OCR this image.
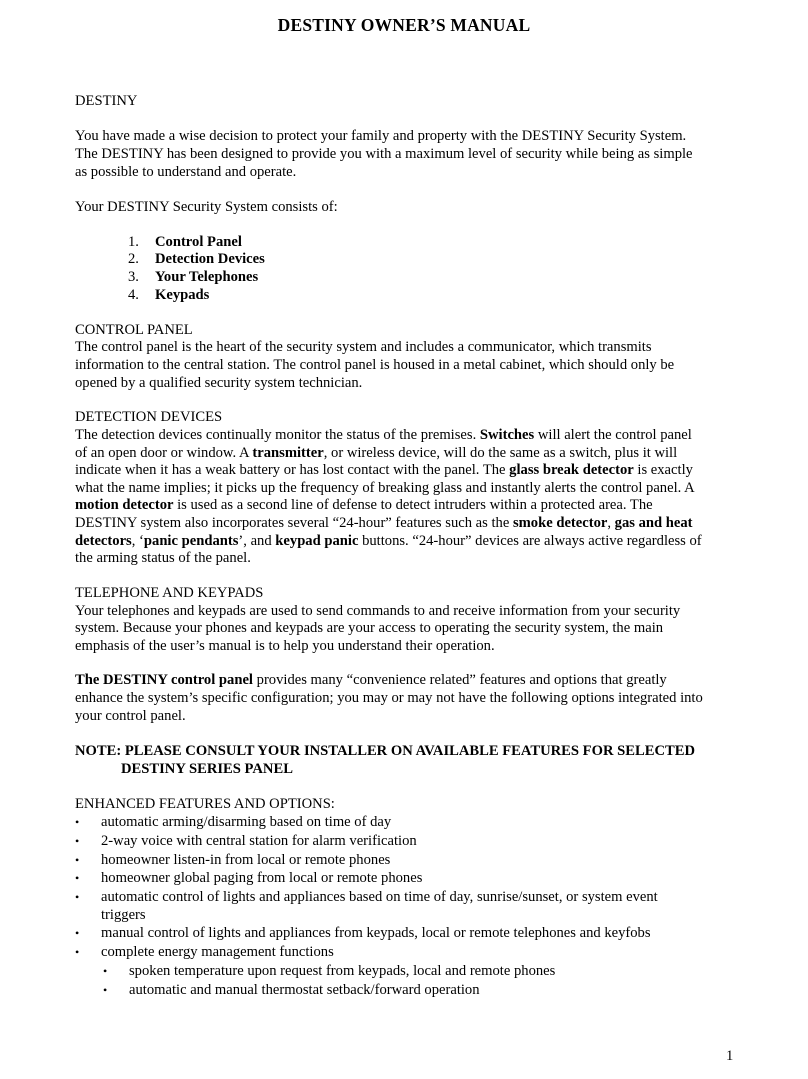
DESTINY OWNER’S MANUAL
DESTINY
You have made a wise decision to protect your family and property with the DESTINY Security System.
The DESTINY has been designed to provide you with a maximum level of security while being as simple
as possible to understand and operate.
Your DESTINY Security System consists of:
1.	Control Panel
2.	Detection Devices
3.	Your Telephones
4.	Keypads
CONTROL PANEL
The control panel is the heart of the security system and includes a communicator, which transmits
information to the central station. The control panel is housed in a metal cabinet, which should only be
opened by a qualified security system technician.
DETECTION DEVICES
The detection devices continually monitor the status of the premises. Switches will alert the control panel
of an open door or window. A transmitter, or wireless device, will do the same as a switch, plus it will
indicate when it has a weak battery or has lost contact with the panel. The glass break detector is exactly
what the name implies; it picks up the frequency of breaking glass and instantly alerts the control panel. A
motion detector is used as a second line of defense to detect intruders within a protected area. The
DESTINY system also incorporates several “24-hour” features such as the smoke detector, gas and heat
detectors, ‘panic pendants’, and keypad panic buttons. “24-hour” devices are always active regardless of
the arming status of the panel.
TELEPHONE AND KEYPADS
Your telephones and keypads are used to send commands to and receive information from your security
system. Because your phones and keypads are your access to operating the security system, the main
emphasis of the user’s manual is to help you understand their operation.
The DESTINY control panel provides many “convenience related” features and options that greatly
enhance the system’s specific configuration; you may or may not have the following options integrated into
your control panel.
NOTE: PLEASE CONSULT YOUR INSTALLER ON AVAILABLE FEATURES FOR SELECTED
DESTINY SERIES PANEL
ENHANCED FEATURES AND OPTIONS:
• automatic arming/disarming based on time of day
• 2-way voice with central station for alarm verification
• homeowner listen-in from local or remote phones
• homeowner global paging from local or remote phones
• automatic control of lights and appliances based on time of day, sunrise/sunset, or system event
triggers
• manual control of lights and appliances from keypads, local or remote telephones and keyfobs
• complete energy management functions
• spoken temperature upon request from keypads, local and remote phones
• automatic and manual thermostat setback/forward operation
1
